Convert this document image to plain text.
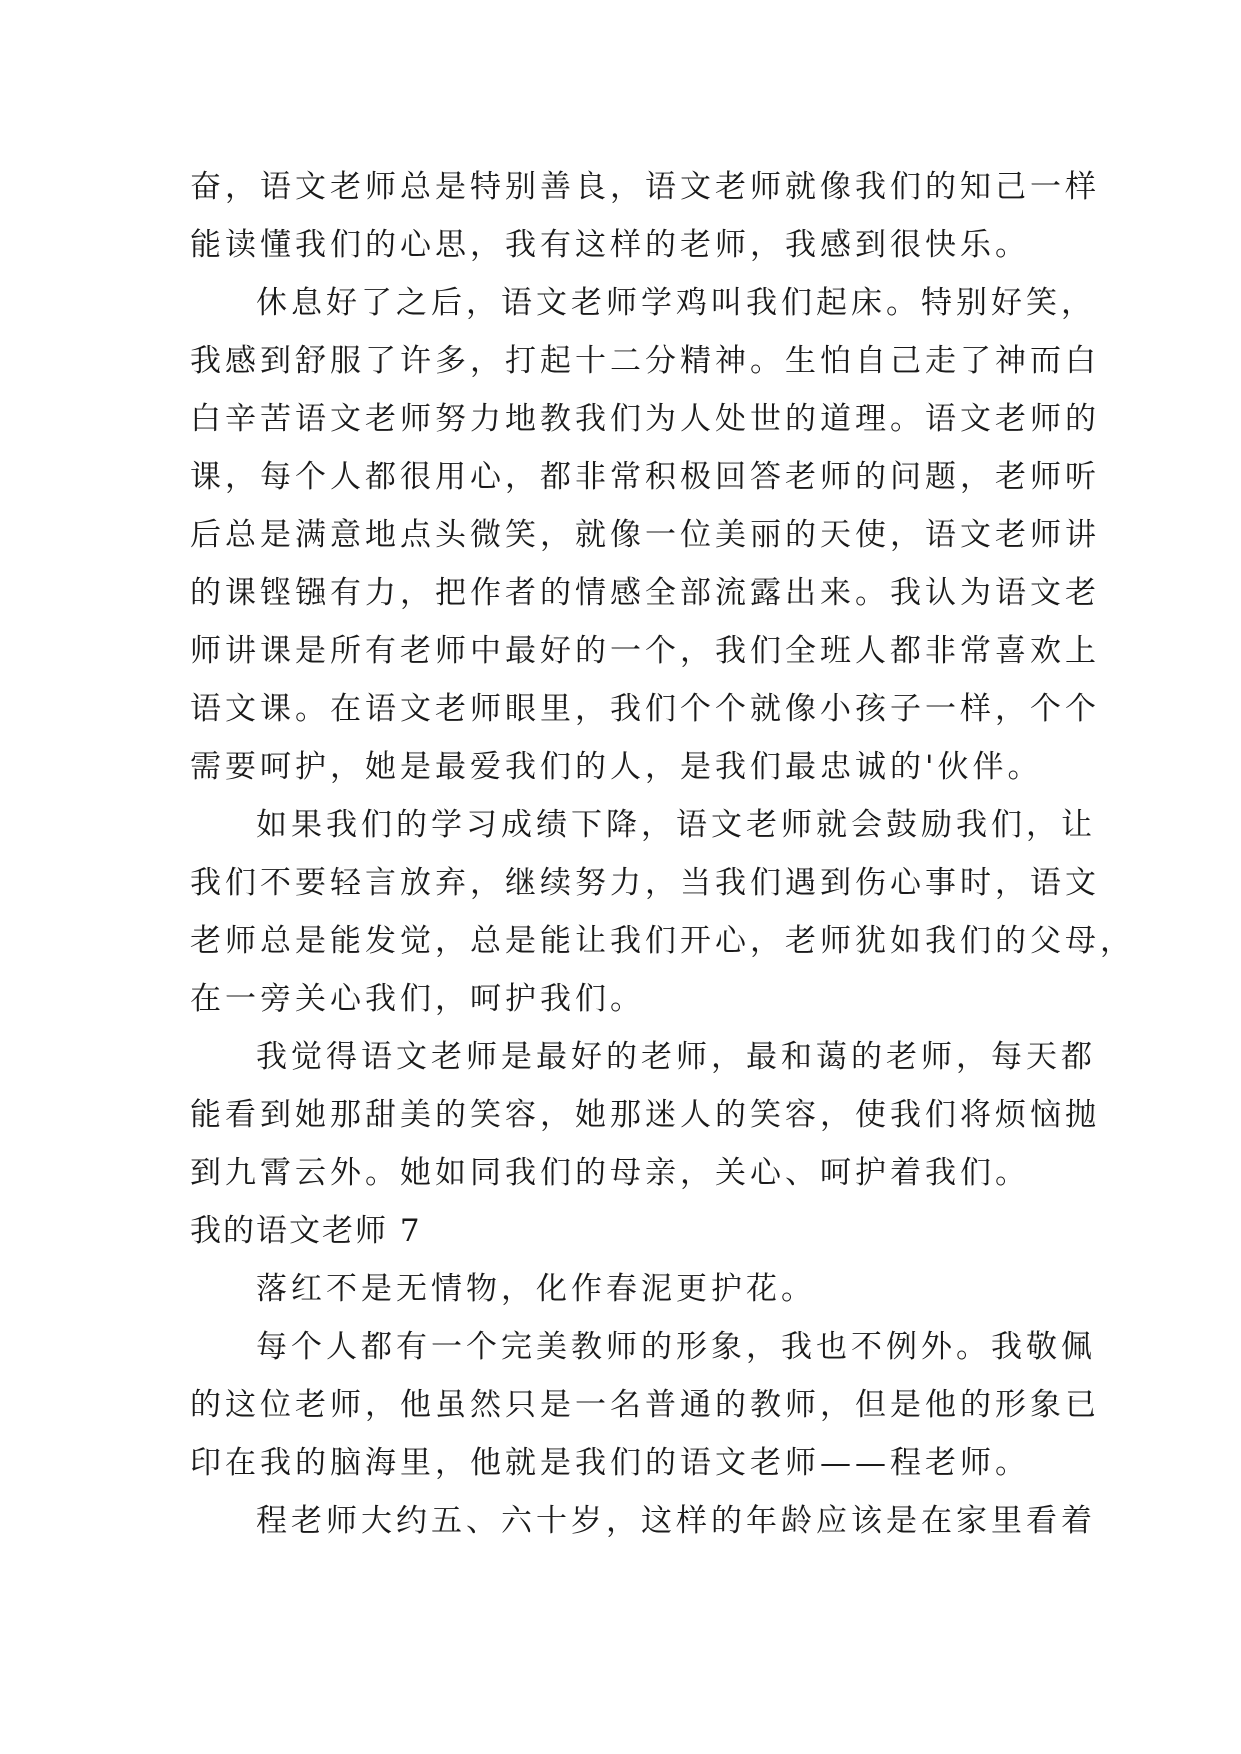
奋，语文老师总是特别善良，语文老师就像我们的知己一样
能读懂我们的心思，我有这样的老师，我感到很快乐。
休息好了之后，语文老师学鸡叫我们起床。特别好笑，
我感到舒服了许多，打起十二分精神。生怕自己走了神而白
白辛苦语文老师努力地教我们为人处世的道理。语文老师的
课，每个人都很用心，都非常积极回答老师的问题，老师听
后总是满意地点头微笑，就像一位美丽的天使，语文老师讲
的课铿镪有力，把作者的情感全部流露出来。我认为语文老
师讲课是所有老师中最好的一个，我们全班人都非常喜欢上
语文课。在语文老师眼里，我们个个就像小孩子一样，个个
需要呵护，她是最爱我们的人，是我们最忠诚的'伙伴。
如果我们的学习成绩下降，语文老师就会鼓励我们，让
我们不要轻言放弃，继续努力，当我们遇到伤心事时，语文
老师总是能发觉，总是能让我们开心，老师犹如我们的父母，
在一旁关心我们，呵护我们。
我觉得语文老师是最好的老师，最和蔼的老师，每天都
能看到她那甜美的笑容，她那迷人的笑容，使我们将烦恼抛
到九霄云外。她如同我们的母亲，关心、呵护着我们。
我的语文老师 7
落红不是无情物，化作春泥更护花。
每个人都有一个完美教师的形象，我也不例外。我敬佩
的这位老师，他虽然只是一名普通的教师，但是他的形象已
印在我的脑海里，他就是我们的语文老师——程老师。
程老师大约五、六十岁，这样的年龄应该是在家里看着
